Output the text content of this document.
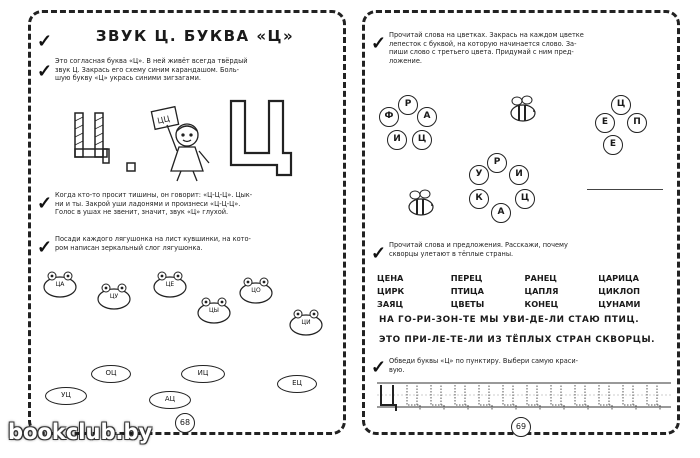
✓	ЗВУК Ц. БУКВА «Ц»
✓ Это согласная буква «Ц». В ней живёт всегда твёрдый
звук Ц. Закрась его схему синим карандашом. Боль-
шую букву «Ц» укрась синими зигзагами.
ЦЦ
✓ Когда кто-то просит тишины, он говорит: «Ц-Ц-Ц». Цык-
ни и ты. Закрой уши ладонями и произнеси «Ц-Ц-Ц».
Голос в ушах не звенит, значит, звук «Ц» глухой.
✓ Посади каждого лягушонка на лист кувшинки, на кото-
ром написан зеркальный слог лягушонка.
ЦА
ЦУ
ЦЕ
ЦЫ
ЦО
ЦИ
ОЦ	ИЦ
ЕЦ
УЦ	АЦ
68
✓ Прочитай слова на цветках. Закрась на каждом цветке
лепесток с буквой, на которую начинается слово. За-
пиши слово с третьего цвета. Придумай с ним пред-
ложение.
Р
А
Ц
И
Ф
Ц
П
Е
Е
Р
И
Ц
А
К
У
✓ Прочитай слова и предложения. Расскажи, почему
скворцы улетают в тёплые страны.
ЦЕНА	ПЕРЕЦ	РАНЕЦ	ЦАРИЦА
ЦИРК	ПТИЦА	ЦАПЛЯ	ЦИКЛОП
ЗАЯЦ	ЦВЕТЫ	КОНЕЦ	ЦУНАМИ
НА ГО-РИ-ЗОН-ТЕ МЫ УВИ-ДЕ-ЛИ СТАЮ ПТИЦ.
ЭТО ПРИ-ЛЕ-ТЕ-ЛИ ИЗ ТЁПЛЫХ СТРАН СКВОРЦЫ.
✓ Обведи буквы «Ц» по пунктиру. Выбери самую краси-
вую.
69
bookclub.by
